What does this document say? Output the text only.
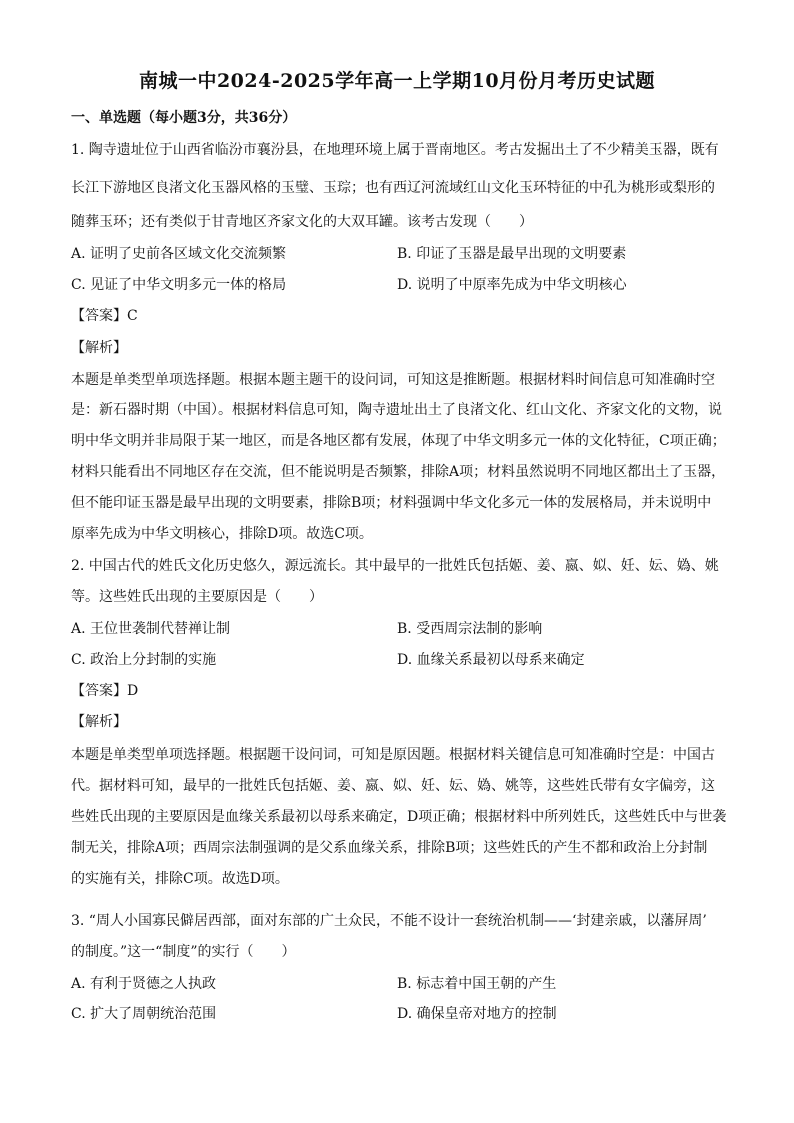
南城一中2024-2025学年高一上学期10月份月考历史试题
一、单选题（每小题3分，共36分）
1. 陶寺遗址位于山西省临汾市襄汾县，在地理环境上属于晋南地区。考古发掘出土了不少精美玉器，既有
长江下游地区良渚文化玉器风格的玉璧、玉琮；也有西辽河流域红山文化玉环特征的中孔为桃形或梨形的
随葬玉环；还有类似于甘青地区齐家文化的大双耳罐。该考古发现（　　）
A. 证明了史前各区域文化交流频繁	B. 印证了玉器是最早出现的文明要素
C. 见证了中华文明多元一体的格局	D. 说明了中原率先成为中华文明核心
【答案】C
【解析】
本题是单类型单项选择题。根据本题主题干的设问词，可知这是推断题。根据材料时间信息可知准确时空
是：新石器时期（中国）。根据材料信息可知，陶寺遗址出土了良渚文化、红山文化、齐家文化的文物，说
明中华文明并非局限于某一地区，而是各地区都有发展，体现了中华文明多元一体的文化特征，C项正确；
材料只能看出不同地区存在交流，但不能说明是否频繁，排除A项；材料虽然说明不同地区都出土了玉器，
但不能印证玉器是最早出现的文明要素，排除B项；材料强调中华文化多元一体的发展格局，并未说明中
原率先成为中华文明核心，排除D项。故选C项。
2. 中国古代的姓氏文化历史悠久，源远流长。其中最早的一批姓氏包括姬、姜、嬴、姒、妊、妘、媯、姚
等。这些姓氏出现的主要原因是（　　）
A. 王位世袭制代替禅让制	B. 受西周宗法制的影响
C. 政治上分封制的实施	D. 血缘关系最初以母系来确定
【答案】D
【解析】
本题是单类型单项选择题。根据题干设问词，可知是原因题。根据材料关键信息可知准确时空是：中国古
代。据材料可知，最早的一批姓氏包括姬、姜、嬴、姒、妊、妘、媯、姚等，这些姓氏带有女字偏旁，这
些姓氏出现的主要原因是血缘关系最初以母系来确定，D项正确；根据材料中所列姓氏，这些姓氏中与世袭
制无关，排除A项；西周宗法制强调的是父系血缘关系，排除B项；这些姓氏的产生不都和政治上分封制
的实施有关，排除C项。故选D项。
3. “周人小国寡民僻居西部，面对东部的广土众民，不能不设计一套统治机制——‘封建亲戚，以藩屏周’
的制度。”这一“制度”的实行（　　）
A. 有利于贤德之人执政	B. 标志着中国王朝的产生
C. 扩大了周朝统治范围	D. 确保皇帝对地方的控制
